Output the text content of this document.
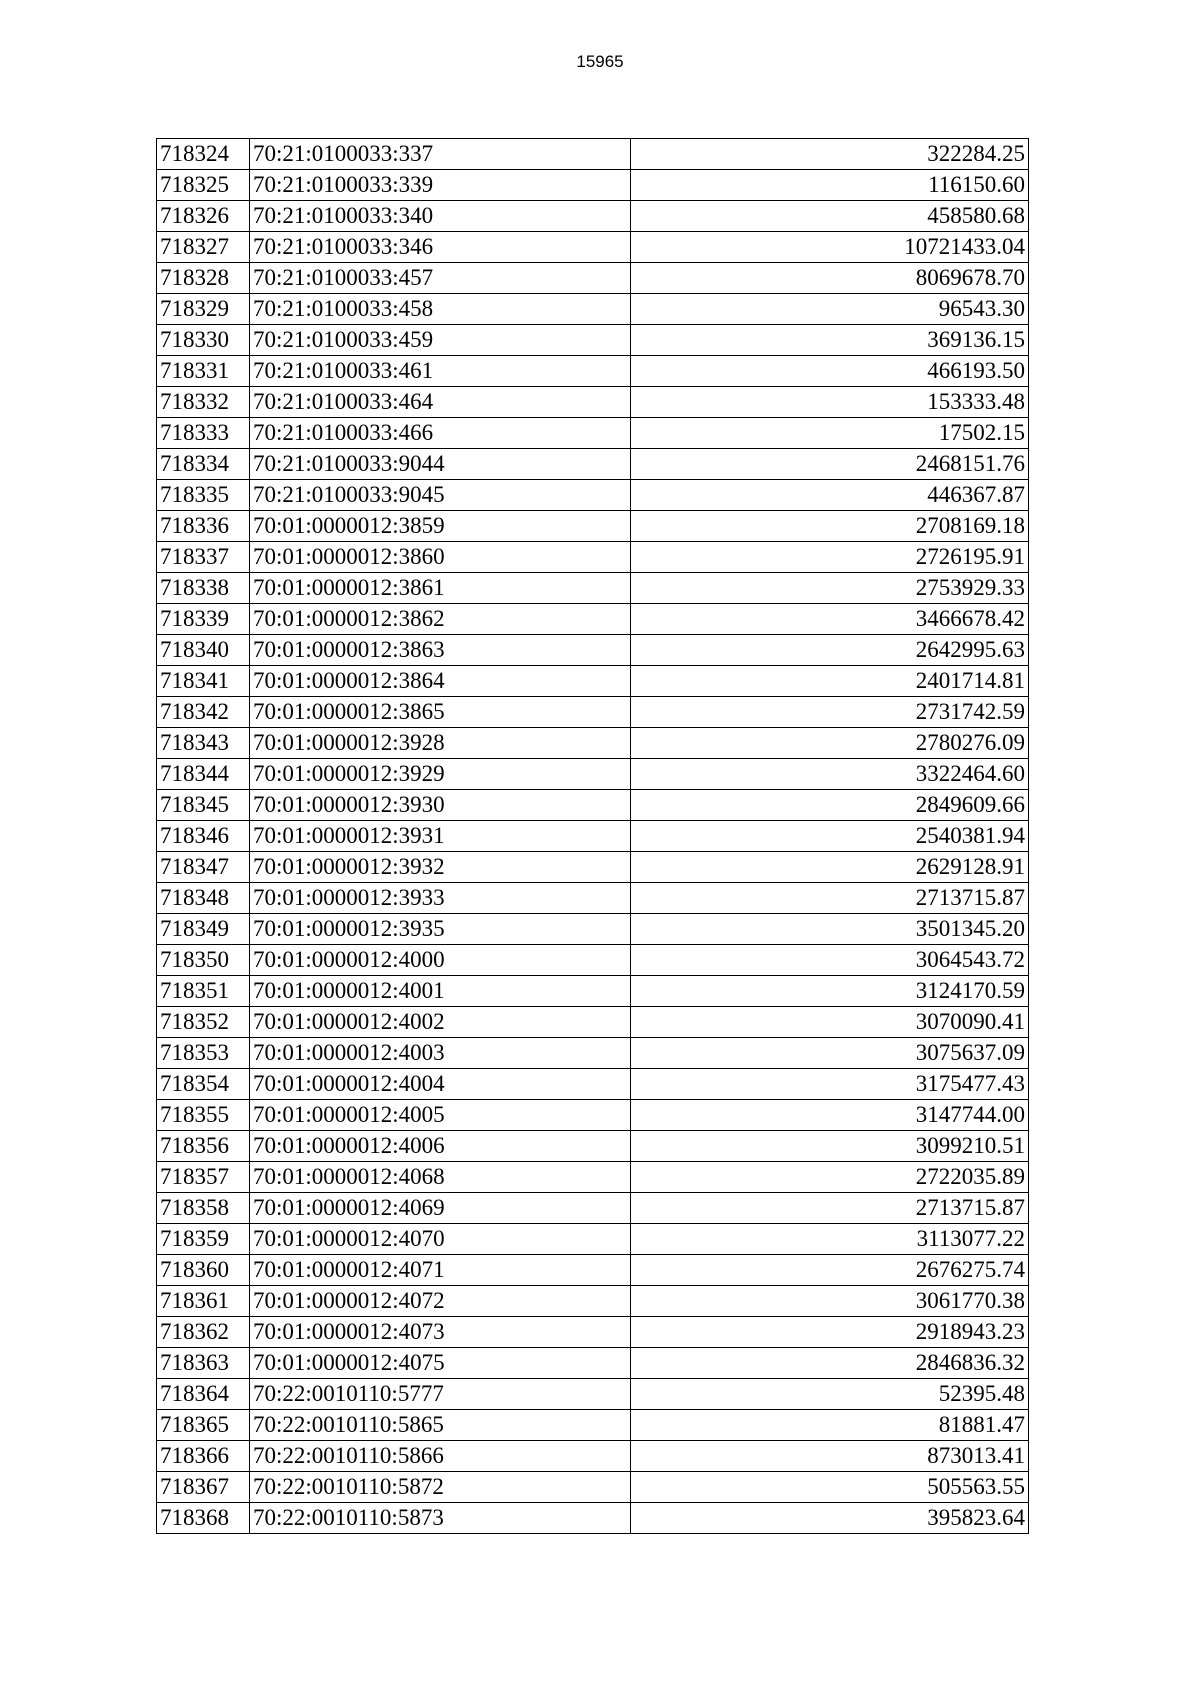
15965
718324	70:21:0100033:337	322284.25
718325	70:21:0100033:339	116150.60
718326	70:21:0100033:340	458580.68
718327	70:21:0100033:346	10721433.04
718328	70:21:0100033:457	8069678.70
718329	70:21:0100033:458	96543.30
718330	70:21:0100033:459	369136.15
718331	70:21:0100033:461	466193.50
718332	70:21:0100033:464	153333.48
718333	70:21:0100033:466	17502.15
718334	70:21:0100033:9044	2468151.76
718335	70:21:0100033:9045	446367.87
718336	70:01:0000012:3859	2708169.18
718337	70:01:0000012:3860	2726195.91
718338	70:01:0000012:3861	2753929.33
718339	70:01:0000012:3862	3466678.42
718340	70:01:0000012:3863	2642995.63
718341	70:01:0000012:3864	2401714.81
718342	70:01:0000012:3865	2731742.59
718343	70:01:0000012:3928	2780276.09
718344	70:01:0000012:3929	3322464.60
718345	70:01:0000012:3930	2849609.66
718346	70:01:0000012:3931	2540381.94
718347	70:01:0000012:3932	2629128.91
718348	70:01:0000012:3933	2713715.87
718349	70:01:0000012:3935	3501345.20
718350	70:01:0000012:4000	3064543.72
718351	70:01:0000012:4001	3124170.59
718352	70:01:0000012:4002	3070090.41
718353	70:01:0000012:4003	3075637.09
718354	70:01:0000012:4004	3175477.43
718355	70:01:0000012:4005	3147744.00
718356	70:01:0000012:4006	3099210.51
718357	70:01:0000012:4068	2722035.89
718358	70:01:0000012:4069	2713715.87
718359	70:01:0000012:4070	3113077.22
718360	70:01:0000012:4071	2676275.74
718361	70:01:0000012:4072	3061770.38
718362	70:01:0000012:4073	2918943.23
718363	70:01:0000012:4075	2846836.32
718364	70:22:0010110:5777	52395.48
718365	70:22:0010110:5865	81881.47
718366	70:22:0010110:5866	873013.41
718367	70:22:0010110:5872	505563.55
718368	70:22:0010110:5873	395823.64
